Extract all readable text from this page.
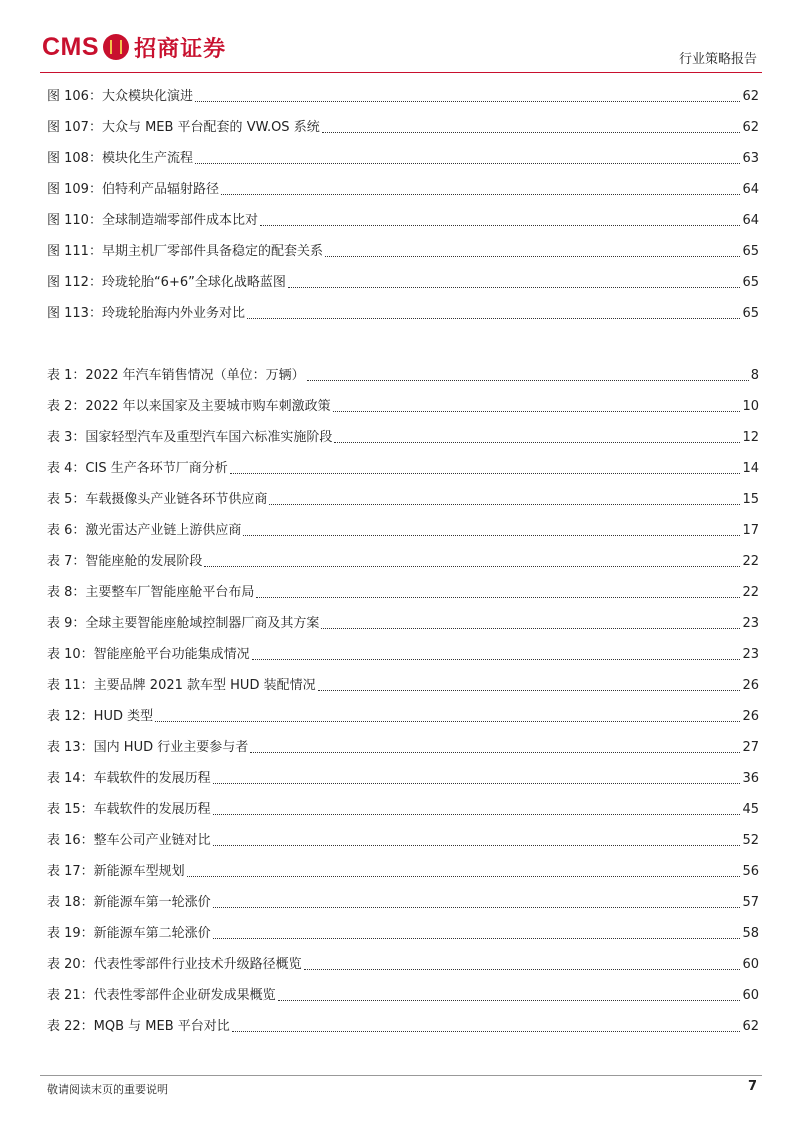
CMS 招商证券	行业策略报告
图 106：大众模块化演进	62
图 107：大众与 MEB 平台配套的 VW.OS 系统	62
图 108：模块化生产流程	63
图 109：伯特利产品辐射路径	64
图 110：全球制造端零部件成本比对	64
图 111：早期主机厂零部件具备稳定的配套关系	65
图 112：玲珑轮胎“6+6”全球化战略蓝图	65
图 113：玲珑轮胎海内外业务对比	65
表 1：2022 年汽车销售情况（单位：万辆）	8
表 2：2022 年以来国家及主要城市购车刺激政策	10
表 3：国家轻型汽车及重型汽车国六标准实施阶段	12
表 4：CIS 生产各环节厂商分析	14
表 5：车载摄像头产业链各环节供应商	15
表 6：激光雷达产业链上游供应商	17
表 7：智能座舱的发展阶段	22
表 8：主要整车厂智能座舱平台布局	22
表 9：全球主要智能座舱域控制器厂商及其方案	23
表 10：智能座舱平台功能集成情况	23
表 11：主要品牌 2021 款车型 HUD 装配情况	26
表 12：HUD 类型	26
表 13：国内 HUD 行业主要参与者	27
表 14：车载软件的发展历程	36
表 15：车载软件的发展历程	45
表 16：整车公司产业链对比	52
表 17：新能源车型规划	56
表 18：新能源车第一轮涨价	57
表 19：新能源车第二轮涨价	58
表 20：代表性零部件行业技术升级路径概览	60
表 21：代表性零部件企业研发成果概览	60
表 22：MQB 与 MEB 平台对比	62
敬请阅读末页的重要说明	7
